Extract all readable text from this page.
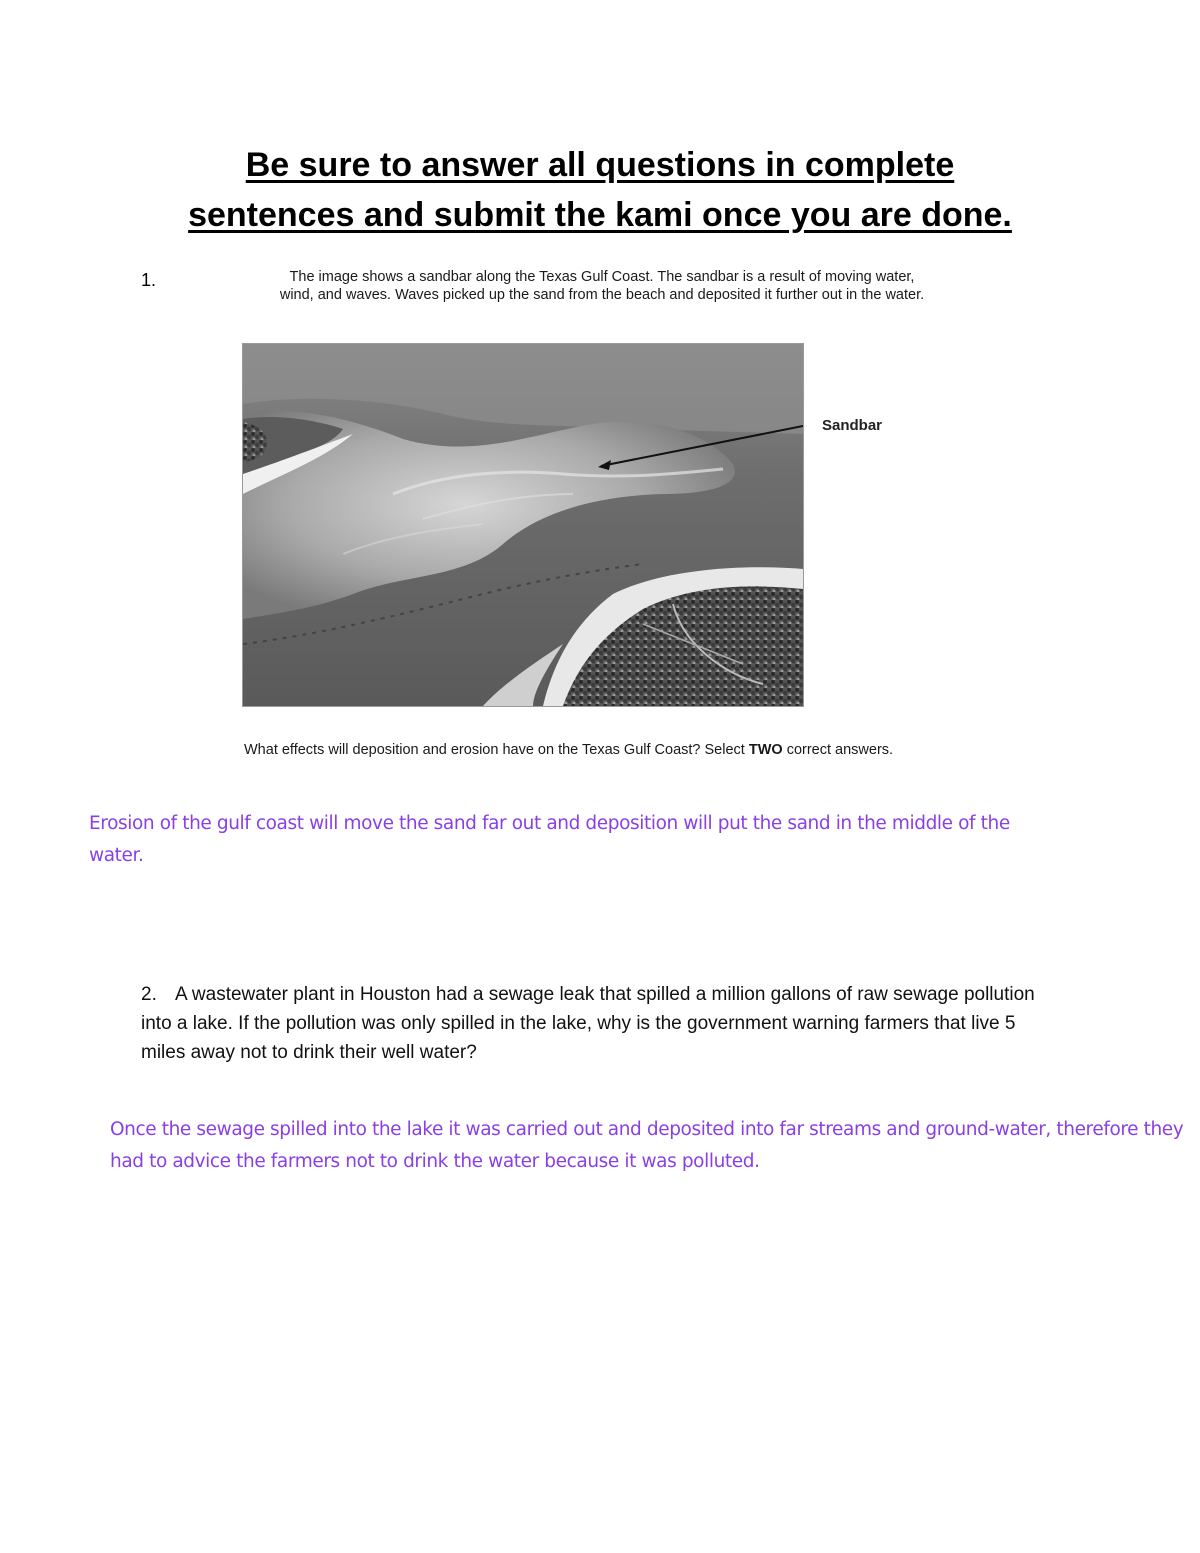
Be sure to answer all questions in complete
sentences and submit the kami once you are done.
1.	The image shows a sandbar along the Texas Gulf Coast. The sandbar is a result of moving water,
wind, and waves. Waves picked up the sand from the beach and deposited it further out in the water.
Sandbar
What effects will deposition and erosion have on the Texas Gulf Coast? Select TWO correct answers.
Erosion of the gulf coast will move the sand far out and deposition will put the sand in the middle of the water.
2. A wastewater plant in Houston had a sewage leak that spilled a million gallons of raw sewage pollution into a lake. If the pollution was only spilled in the lake, why is the government warning farmers that live 5 miles away not to drink their well water?
Once the sewage spilled into the lake it was carried out and deposited into far streams and ground-water, therefore they had to advice the farmers not to drink the water because it was polluted.
